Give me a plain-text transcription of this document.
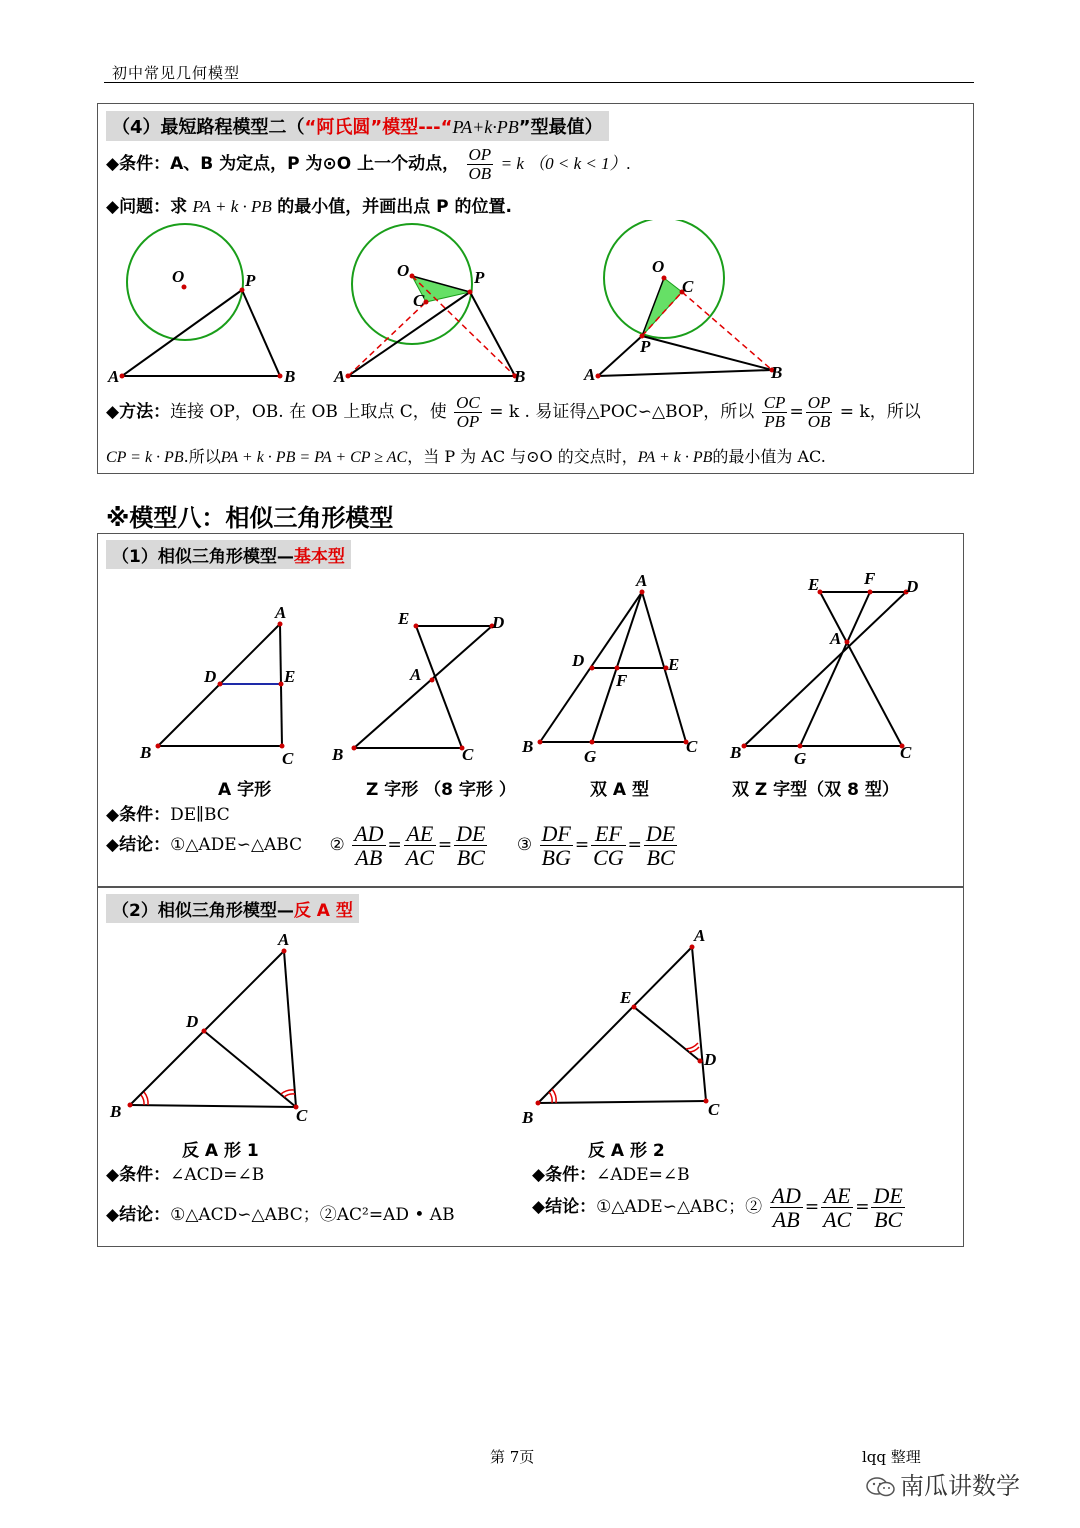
初中常见几何模型
（4）最短路程模型二（“阿氏圆”模型---“PA+k·PB”型最值）
◆条件：A、B 为定点，P 为⊙O 上一个动点， $\frac{OP}{OB} = k$ （0 < k < 1）.
◆问题：求 PA + k · PB 的最小值，并画出点 P 的位置.
O	P
A	B
O	P
C
A	B
O
C
P
A	B
◆方法：连接 OP，OB. 在 OB 上取点 C，使 $\frac{OC}{OP} = k$ . 易证得△POC∽△BOP，所以 $\frac{CP}{PB} = \frac{OP}{OB} = k$，所以
CP = k · PB.所以PA + k · PB = PA + CP ≥ AC，当 P 为 AC 与⊙O 的交点时，PA + k · PB的最小值为 AC.
※模型八：相似三角形模型
（1）相似三角形模型—基本型
A
D	E
B	C
E	D
A
B	C
A
D	E
F
B
G
C
E	F D
A
B	G	C
A 字形	Z 字形 （8 字形 ）	双 A 型	双 Z 字型（双 8 型）
◆条件：DE∥BC
◆结论：①△ADE∽△ABC ② $\frac{AD}{AB} = \frac{AE}{AC} = \frac{DE}{BC}$ ③ $\frac{DF}{BG} = \frac{EF}{CG} = \frac{DE}{BC}$
（2）相似三角形模型—反 A 型
A
D
B	C
A
E
D
B	C
反 A 形 1	反 A 形 2
◆条件：∠ACD=∠B	◆条件：∠ADE=∠B
◆结论：①△ACD∽△ABC；②AC²=AD • AB	◆结论：①△ADE∽△ABC；② $\frac{AD}{AB} = \frac{AE}{AC} = \frac{DE}{BC}$
第 7页	lqq 整理
南瓜讲数学
